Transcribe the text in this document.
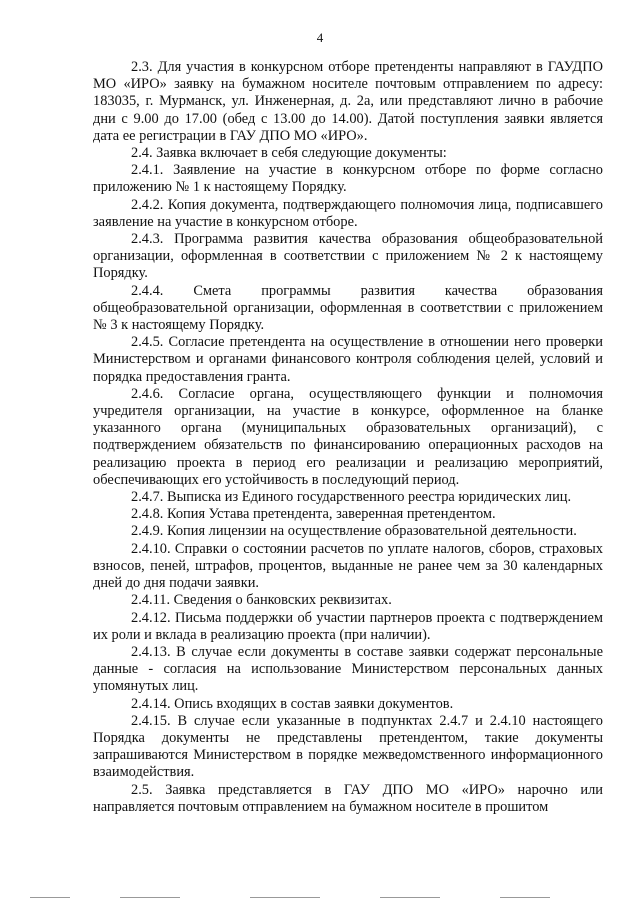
4

2.3. Для участия в конкурсном отборе претенденты направляют в ГАУДПО МО «ИРО» заявку на бумажном носителе почтовым отправлением по адресу: 183035, г. Мурманск, ул. Инженерная, д. 2а, или представляют лично в рабочие дни с 9.00 до 17.00 (обед с 13.00 до 14.00). Датой поступления заявки является дата ее регистрации в ГАУ ДПО МО «ИРО».

2.4. Заявка включает в себя следующие документы:

2.4.1. Заявление на участие в конкурсном отборе по форме согласно приложению № 1 к настоящему Порядку.

2.4.2. Копия документа, подтверждающего полномочия лица, подписавшего заявление на участие в конкурсном отборе.

2.4.3. Программа развития качества образования общеобразовательной организации, оформленная в соответствии с приложением № 2 к настоящему Порядку.

2.4.4. Смета программы развития качества образования общеобразовательной организации, оформленная в соответствии с приложением № 3 к настоящему Порядку.

2.4.5. Согласие претендента на осуществление в отношении него проверки Министерством и органами финансового контроля соблюдения целей, условий и порядка предоставления гранта.

2.4.6. Согласие органа, осуществляющего функции и полномочия учредителя организации, на участие в конкурсе, оформленное на бланке указанного органа (муниципальных образовательных организаций), с подтверждением обязательств по финансированию операционных расходов на реализацию проекта в период его реализации и реализацию мероприятий, обеспечивающих его устойчивость в последующий период.

2.4.7. Выписка из Единого государственного реестра юридических лиц.

2.4.8. Копия Устава претендента, заверенная претендентом.

2.4.9. Копия лицензии на осуществление образовательной деятельности.

2.4.10. Справки о состоянии расчетов по уплате налогов, сборов, страховых взносов, пеней, штрафов, процентов, выданные не ранее чем за 30 календарных дней до дня подачи заявки.

2.4.11. Сведения о банковских реквизитах.

2.4.12. Письма поддержки об участии партнеров проекта с подтверждением их роли и вклада в реализацию проекта (при наличии).

2.4.13. В случае если документы в составе заявки содержат персональные данные - согласия на использование Министерством персональных данных упомянутых лиц.

2.4.14. Опись входящих в состав заявки документов.

2.4.15. В случае если указанные в подпунктах 2.4.7 и 2.4.10 настоящего Порядка документы не представлены претендентом, такие документы запрашиваются Министерством в порядке межведомственного информационного взаимодействия.

2.5. Заявка представляется в ГАУ ДПО МО «ИРО» нарочно или направляется почтовым отправлением на бумажном носителе в прошитом
